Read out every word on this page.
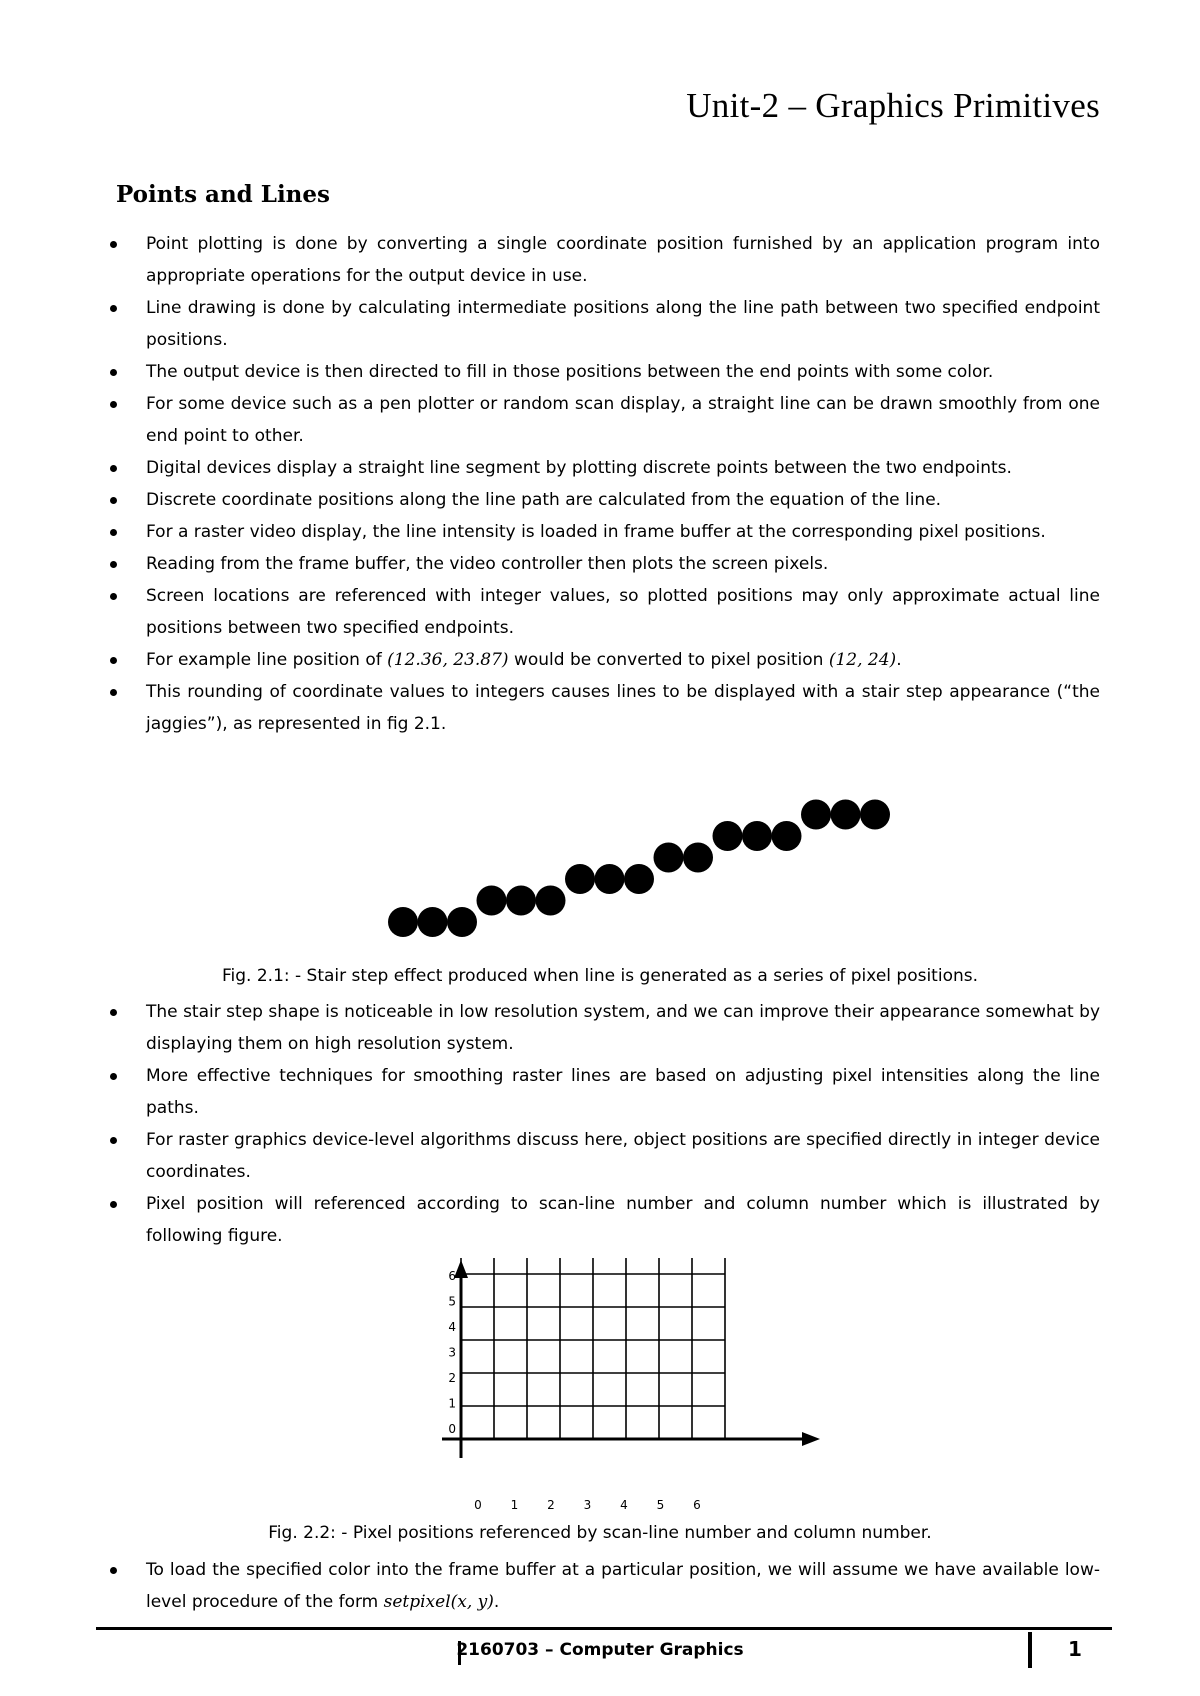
Unit-2 – Graphics Primitives
Points and Lines
Point plotting is done by converting a single coordinate position furnished by an application program into appropriate operations for the output device in use.
Line drawing is done by calculating intermediate positions along the line path between two specified endpoint positions.
The output device is then directed to fill in those positions between the end points with some color.
For some device such as a pen plotter or random scan display, a straight line can be drawn smoothly from one end point to other.
Digital devices display a straight line segment by plotting discrete points between the two endpoints.
Discrete coordinate positions along the line path are calculated from the equation of the line.
For a raster video display, the line intensity is loaded in frame buffer at the corresponding pixel positions.
Reading from the frame buffer, the video controller then plots the screen pixels.
Screen locations are referenced with integer values, so plotted positions may only approximate actual line positions between two specified endpoints.
For example line position of (12.36, 23.87) would be converted to pixel position (12, 24).
This rounding of coordinate values to integers causes lines to be displayed with a stair step appearance (“the jaggies”), as represented in fig 2.1.
Fig. 2.1: - Stair step effect produced when line is generated as a series of pixel positions.
The stair step shape is noticeable in low resolution system, and we can improve their appearance somewhat by displaying them on high resolution system.
More effective techniques for smoothing raster lines are based on adjusting pixel intensities along the line paths.
For raster graphics device-level algorithms discuss here, object positions are specified directly in integer device coordinates.
Pixel position will referenced according to scan-line number and column number which is illustrated by following figure.
0 1 2 3 4 5 6
0
1
2
3
4
5
6
Fig. 2.2: - Pixel positions referenced by scan-line number and column number.
To load the specified color into the frame buffer at a particular position, we will assume we have available low-level procedure of the form setpixel(x, y).
2160703 – Computer Graphics	1
